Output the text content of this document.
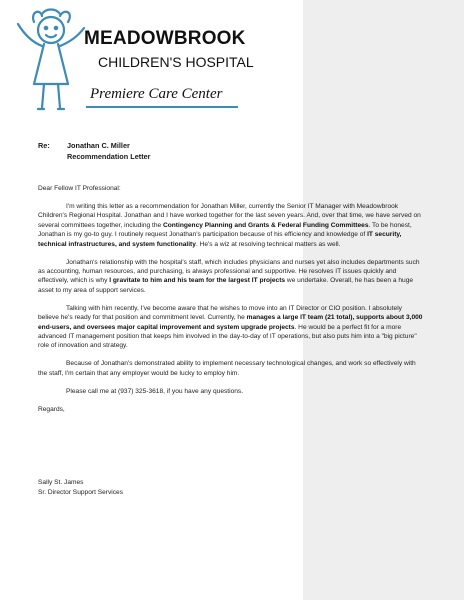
MEADOWBROOK
CHILDREN'S HOSPITAL
Premiere Care Center
Re: Jonathan C. Miller
Recommendation Letter

Dear Fellow IT Professional:

I'm writing this letter as a recommendation for Jonathan Miller, currently the Senior IT Manager with Meadowbrook Children's Regional Hospital. Jonathan and I have worked together for the last seven years. And, over that time, we have served on several committees together, including the Contingency Planning and Grants & Federal Funding Committees. To be honest, Jonathan is my go-to guy. I routinely request Jonathan's participation because of his efficiency and knowledge of IT security, technical infrastructures, and system functionality. He's a wiz at resolving technical matters as well.

Jonathan's relationship with the hospital's staff, which includes physicians and nurses yet also includes departments such as accounting, human resources, and purchasing, is always professional and supportive. He resolves IT issues quickly and effectively, which is why I gravitate to him and his team for the largest IT projects we undertake. Overall, he has been a huge asset to my area of support services.

Talking with him recently, I've become aware that he wishes to move into an IT Director or CIO position. I absolutely believe he's ready for that position and commitment level. Currently, he manages a large IT team (21 total), supports about 3,000 end-users, and oversees major capital improvement and system upgrade projects. He would be a perfect fit for a more advanced IT management position that keeps him involved in the day-to-day of IT operations, but also puts him into a "big picture" role of innovation and strategy.

Because of Jonathan's demonstrated ability to implement necessary technological changes, and work so effectively with the staff, I'm certain that any employer would be lucky to employ him.

Please call me at (937) 325-3618, if you have any questions.

Regards,

Sally St. James
Sr. Director Support Services
